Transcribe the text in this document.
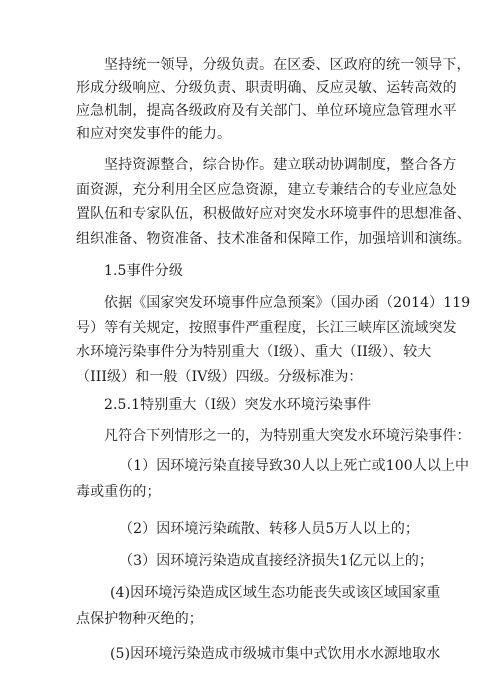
坚持统一领导，分级负责。在区委、区政府的统一领导下，
形成分级响应、分级负责、职责明确、反应灵敏、运转高效的
应急机制，提高各级政府及有关部门、单位环境应急管理水平
和应对突发事件的能力。

坚持资源整合，综合协作。建立联动协调制度，整合各方
面资源，充分利用全区应急资源，建立专兼结合的专业应急处
置队伍和专家队伍，积极做好应对突发水环境事件的思想准备、
组织准备、物资准备、技术准备和保障工作，加强培训和演练。

1.5事件分级

依据《国家突发环境事件应急预案》（国办函（2014）119
号）等有关规定，按照事件严重程度，长江三峡库区流域突发
水环境污染事件分为特别重大（I级）、重大（II级）、较大
（III级）和一般（IV级）四级。分级标准为：

2.5.1特别重大（I级）突发水环境污染事件

凡符合下列情形之一的，为特别重大突发水环境污染事件：

（1）因环境污染直接导致30人以上死亡或100人以上中
毒或重伤的；

（2）因环境污染疏散、转移人员5万人以上的；

（3）因环境污染造成直接经济损失1亿元以上的；

(4)因环境污染造成区域生态功能丧失或该区域国家重
点保护物种灭绝的；

(5)因环境污染造成市级城市集中式饮用水水源地取水
